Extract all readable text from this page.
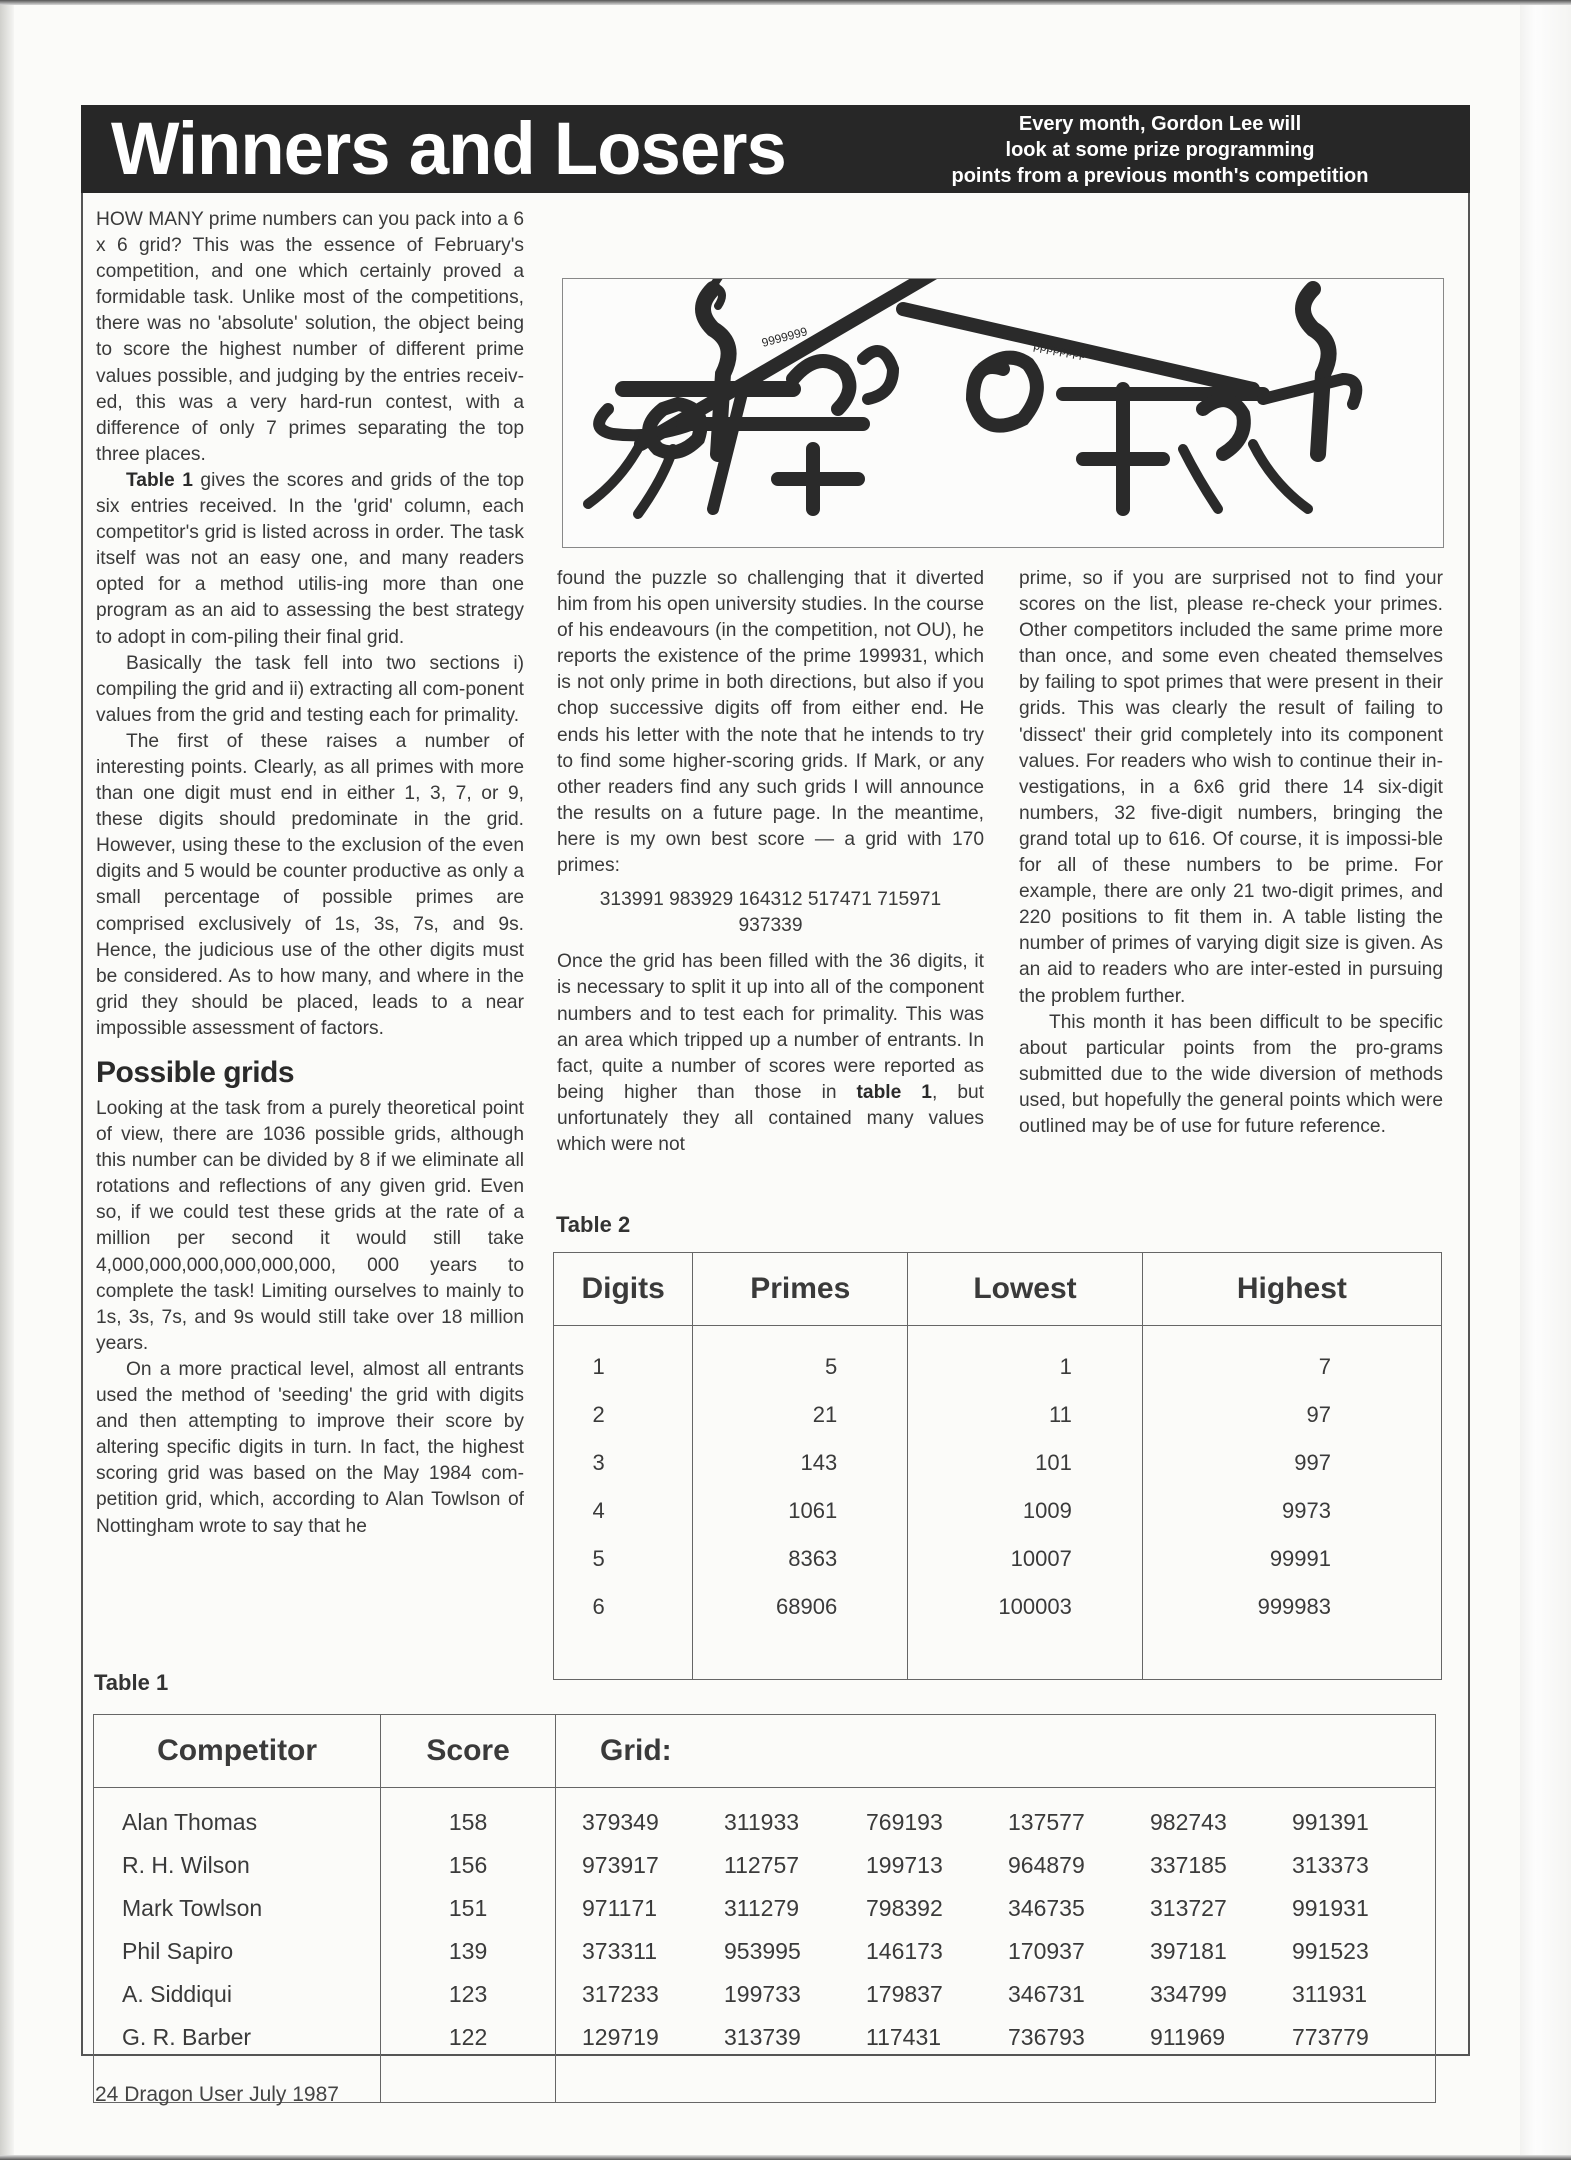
Winners and Losers	Every month, Gordon Lee will
look at some prize programming
points from a previous month's competition

HOW MANY prime numbers can you pack into a 6 x 6 grid? This was the essence of February's competition, and one which certainly proved a formidable task. Unlike most of the competitions, there was no 'absolute' solution, the object being to score the highest number of different prime values possible, and judging by the entries receiv-ed, this was a very hard-run contest, with a difference of only 7 primes separating the top three places.

Table 1 gives the scores and grids of the top six entries received. In the 'grid' column, each competitor's grid is listed across in order. The task itself was not an easy one, and many readers opted for a method utilis-ing more than one program as an aid to assessing the best strategy to adopt in com-piling their final grid.

Basically the task fell into two sections i) compiling the grid and ii) extracting all com-ponent values from the grid and testing each for primality.

The first of these raises a number of interesting points. Clearly, as all primes with more than one digit must end in either 1, 3, 7, or 9, these digits should predominate in the grid. However, using these to the exclusion of the even digits and 5 would be counter productive as only a small percentage of possible primes are comprised exclusively of 1s, 3s, 7s, and 9s. Hence, the judicious use of the other digits must be considered. As to how many, and where in the grid they should be placed, leads to a near impossible assessment of factors.

Possible grids

Looking at the task from a purely theoretical point of view, there are 1036 possible grids, although this number can be divided by 8 if we eliminate all rotations and reflections of any given grid. Even so, if we could test these grids at the rate of a million per second it would still take 4,000,000,000,000,000,000, 000 years to complete the task! Limiting ourselves to mainly to 1s, 3s, 7s, and 9s would still take over 18 million years.

On a more practical level, almost all entrants used the method of 'seeding' the grid with digits and then attempting to improve their score by altering specific digits in turn. In fact, the highest scoring grid was based on the May 1984 com-petition grid, which, according to Alan Towlson of Nottingham wrote to say that he

9999999	pppppppp

found the puzzle so challenging that it diverted him from his open university studies. In the course of his endeavours (in the competition, not OU), he reports the existence of the prime 199931, which is not only prime in both directions, but also if you chop successive digits off from either end. He ends his letter with the note that he intends to try to find some higher-scoring grids. If Mark, or any other readers find any such grids I will announce the results on a future page. In the meantime, here is my own best score — a grid with 170 primes:

313991 983929 164312 517471 715971
937339

Once the grid has been filled with the 36 digits, it is necessary to split it up into all of the component numbers and to test each for primality. This was an area which tripped up a number of entrants. In fact, quite a number of scores were reported as being higher than those in table 1, but unfortunately they all contained many values which were not

prime, so if you are surprised not to find your scores on the list, please re-check your primes. Other competitors included the same prime more than once, and some even cheated themselves by failing to spot primes that were present in their grids. This was clearly the result of failing to 'dissect' their grid completely into its component values. For readers who wish to continue their in-vestigations, in a 6x6 grid there 14 six-digit numbers, 32 five-digit numbers, bringing the grand total up to 616. Of course, it is impossi-ble for all of these numbers to be prime. For example, there are only 21 two-digit primes, and 220 positions to fit them in. A table listing the number of primes of varying digit size is given. As an aid to readers who are inter-ested in pursuing the problem further.

This month it has been difficult to be specific about particular points from the pro-grams submitted due to the wide diversion of methods used, but hopefully the general points which were outlined may be of use for future reference.

Table 2
Digits	Primes	Lowest	Highest
1	5	1	7
2	21	11	97
3	143	101	997
4	1061	1009	9973
5	8363	10007	99991
6	68906	100003	999983

Table 1
Competitor	Score	Grid:
Alan Thomas	158	379349	311933	769193	137577	982743	991391

R. H. Wilson	156	973917	112757	199713	964879	337185	313373

Mark Towlson	151	971171	311279	798392	346735	313727	991931

Phil Sapiro	139	373311	953995	146173	170937	397181	991523

A. Siddiqui	123	317233	199733	179837	346731	334799	311931

G. R. Barber	122	129719	313739	117431	736793	911969	773779

24 Dragon User July 1987
